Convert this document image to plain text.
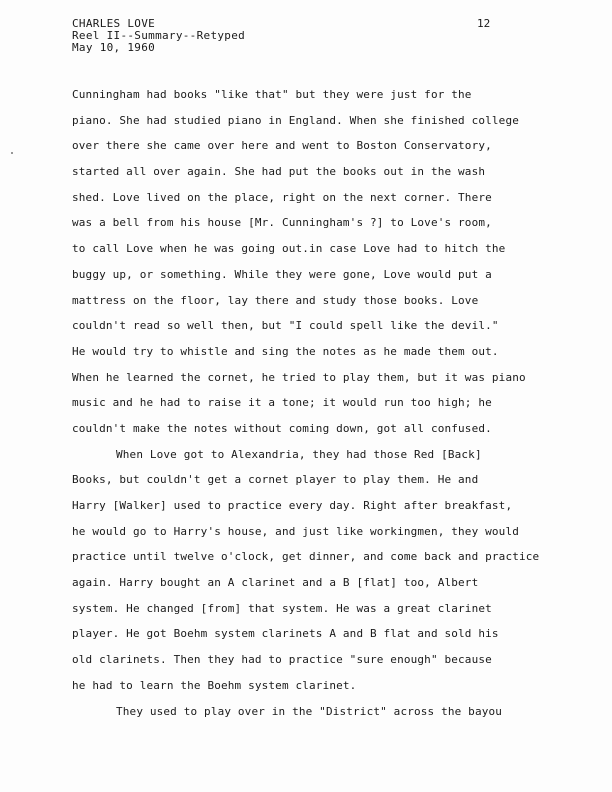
CHARLES LOVE
Reel II--Summary--Retyped
May 10, 1960
12
Cunningham had books "like that" but they were just for the
piano. She had studied piano in England. When she finished college
over there she came over here and went to Boston Conservatory,
started all over again. She had put the books out in the wash
shed. Love lived on the place, right on the next corner. There
was a bell from his house [Mr. Cunningham's ?] to Love's room,
to call Love when he was going out.in case Love had to hitch the
buggy up, or something. While they were gone, Love would put a
mattress on the floor, lay there and study those books. Love
couldn't read so well then, but "I could spell like the devil."
He would try to whistle and sing the notes as he made them out.
When he learned the cornet, he tried to play them, but it was piano
music and he had to raise it a tone; it would run too high; he
couldn't make the notes without coming down, got all confused.
When Love got to Alexandria, they had those Red [Back]
Books, but couldn't get a cornet player to play them. He and
Harry [Walker] used to practice every day. Right after breakfast,
he would go to Harry's house, and just like workingmen, they would
practice until twelve o'clock, get dinner, and come back and practice
again. Harry bought an A clarinet and a B [flat] too, Albert
system. He changed [from] that system. He was a great clarinet
player. He got Boehm system clarinets A and B flat and sold his
old clarinets. Then they had to practice "sure enough" because
he had to learn the Boehm system clarinet.
They used to play over in the "District" across the bayou
